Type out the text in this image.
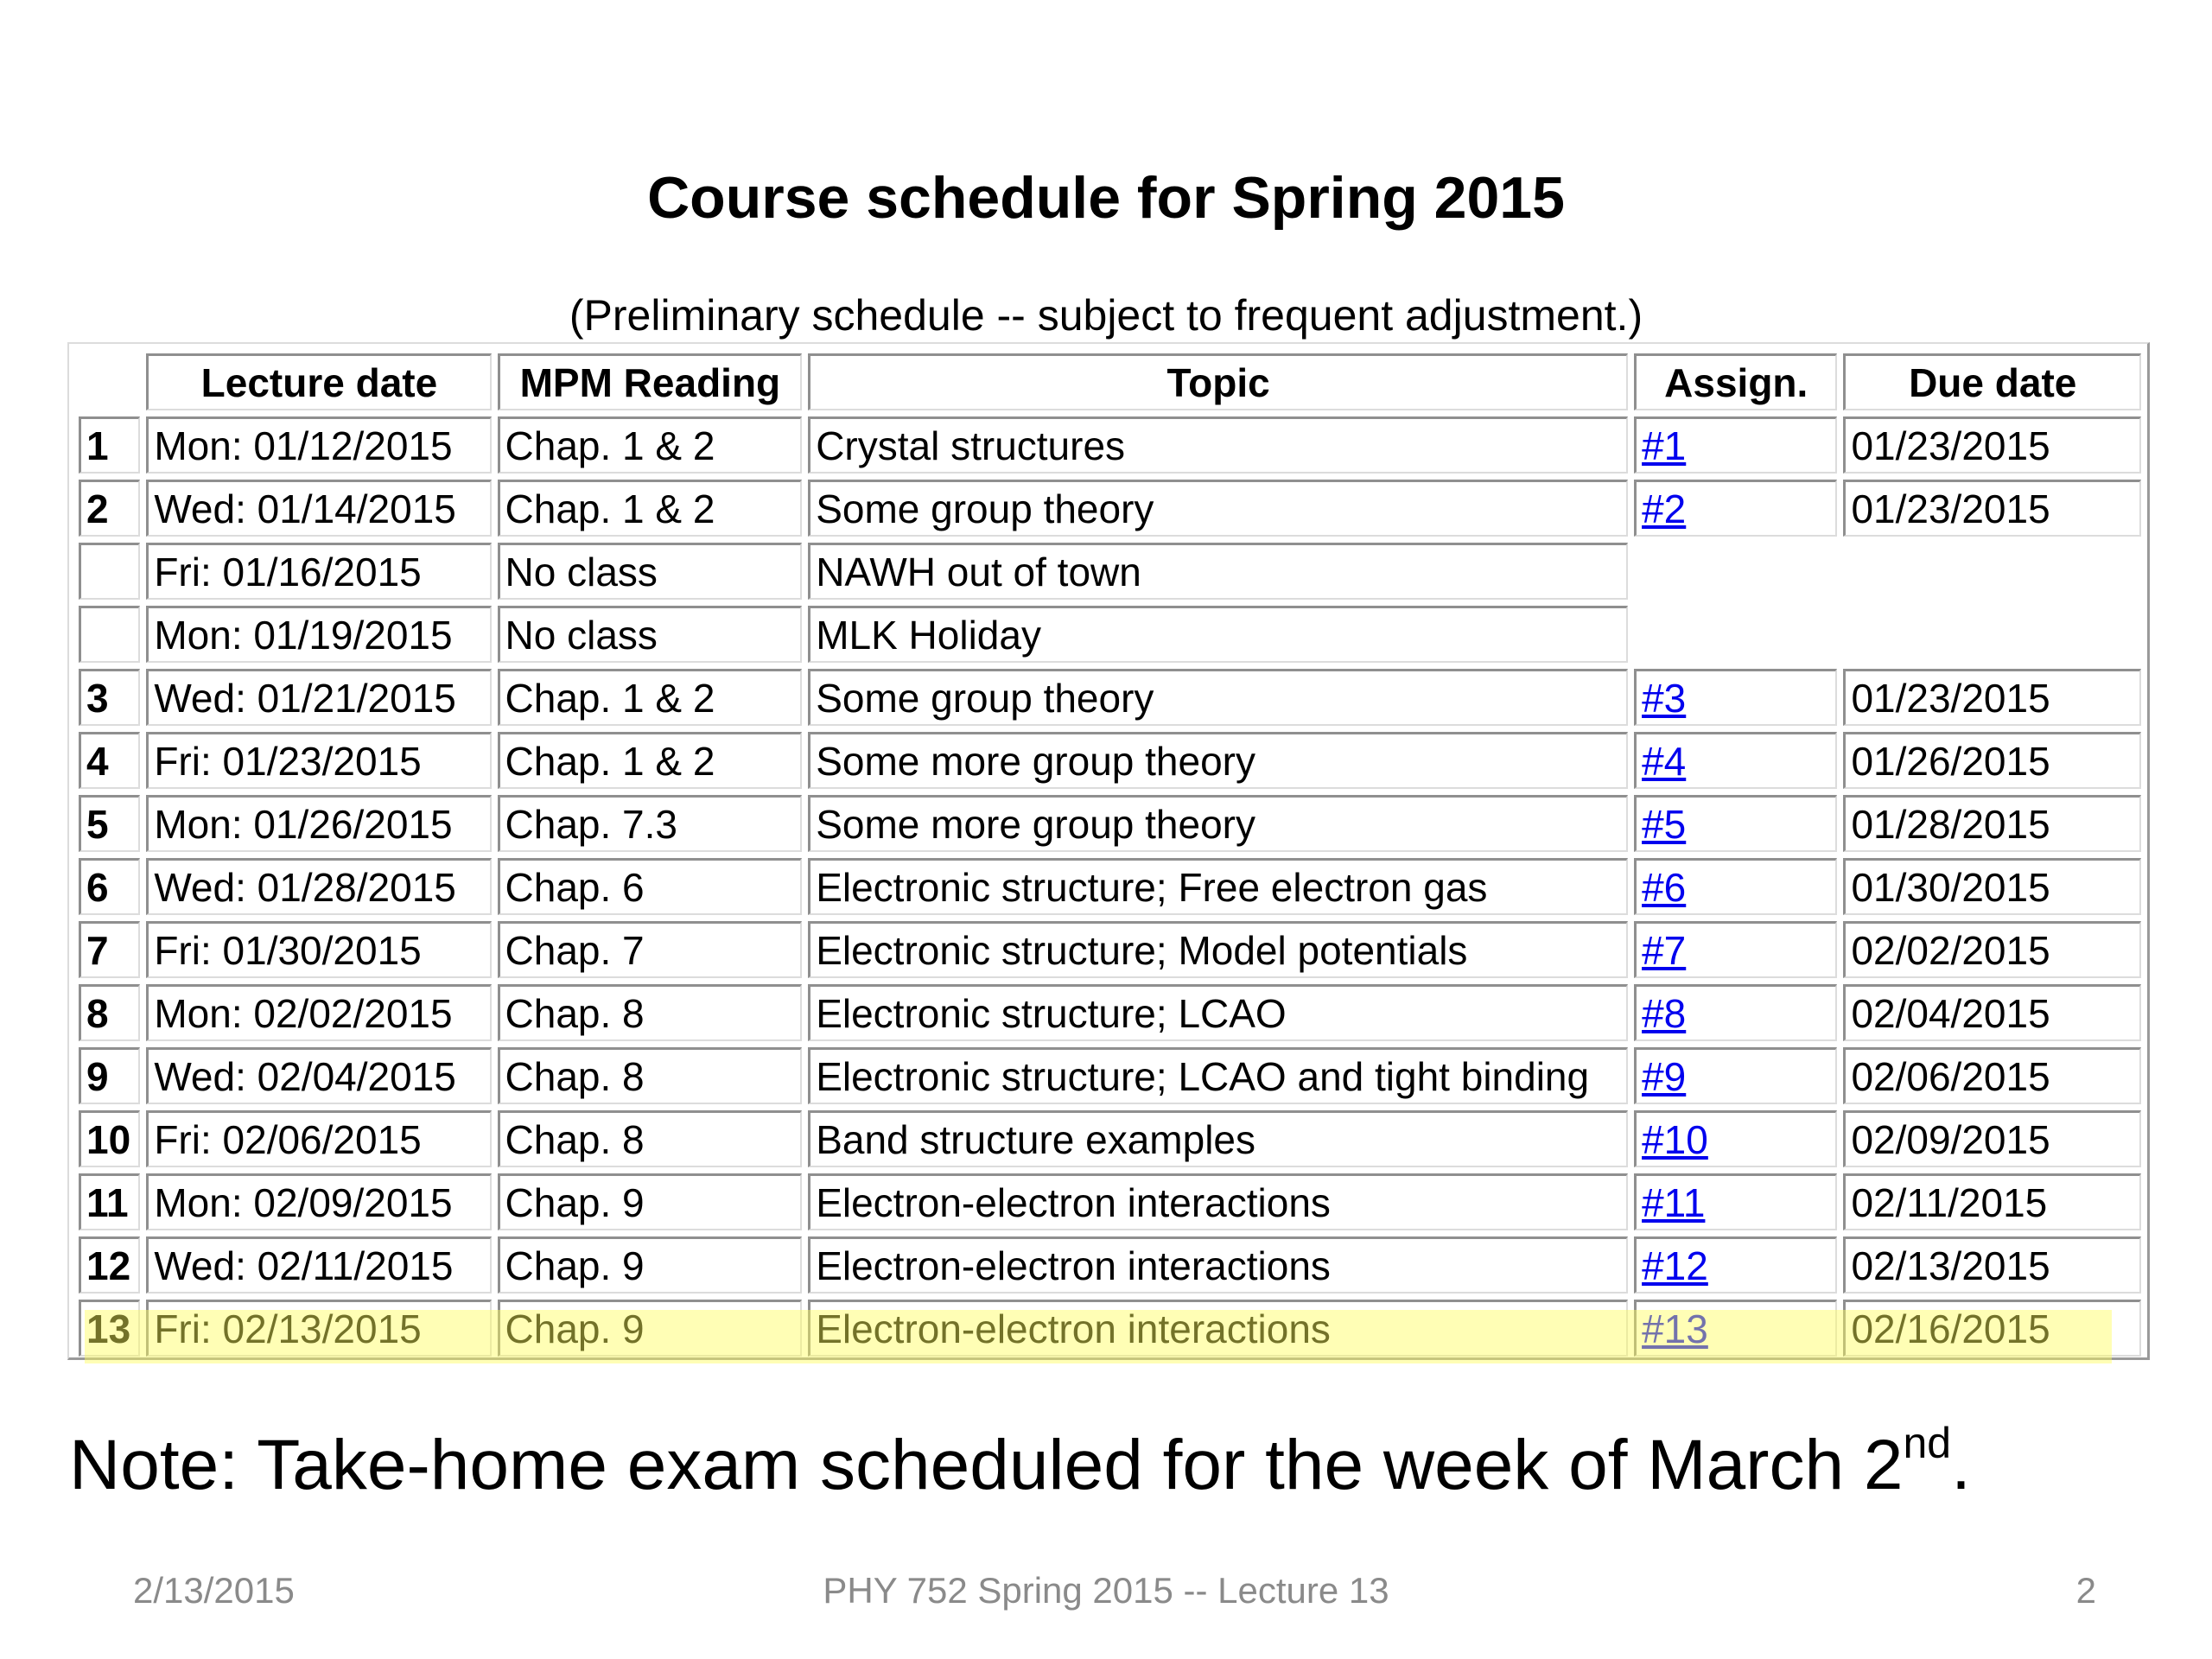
Course schedule for Spring 2015
(Preliminary schedule -- subject to frequent adjustment.)
	Lecture date	MPM Reading	Topic	Assign.	Due date
1	Mon: 01/12/2015	Chap. 1 & 2	Crystal structures	#1	01/23/2015
2	Wed: 01/14/2015	Chap. 1 & 2	Some group theory	#2	01/23/2015
	Fri: 01/16/2015	No class	NAWH out of town		
	Mon: 01/19/2015	No class	MLK Holiday		
3	Wed: 01/21/2015	Chap. 1 & 2	Some group theory	#3	01/23/2015
4	Fri: 01/23/2015	Chap. 1 & 2	Some more group theory	#4	01/26/2015
5	Mon: 01/26/2015	Chap. 7.3	Some more group theory	#5	01/28/2015
6	Wed: 01/28/2015	Chap. 6	Electronic structure; Free electron gas	#6	01/30/2015
7	Fri: 01/30/2015	Chap. 7	Electronic structure; Model potentials	#7	02/02/2015
8	Mon: 02/02/2015	Chap. 8	Electronic structure; LCAO	#8	02/04/2015
9	Wed: 02/04/2015	Chap. 8	Electronic structure; LCAO and tight binding	#9	02/06/2015
10	Fri: 02/06/2015	Chap. 8	Band structure examples	#10	02/09/2015
11	Mon: 02/09/2015	Chap. 9	Electron-electron interactions	#11	02/11/2015
12	Wed: 02/11/2015	Chap. 9	Electron-electron interactions	#12	02/13/2015
13	Fri: 02/13/2015	Chap. 9	Electron-electron interactions	#13	02/16/2015
Note: Take-home exam scheduled for the week of March 2nd.
2/13/2015	PHY 752 Spring 2015 -- Lecture 13	2
